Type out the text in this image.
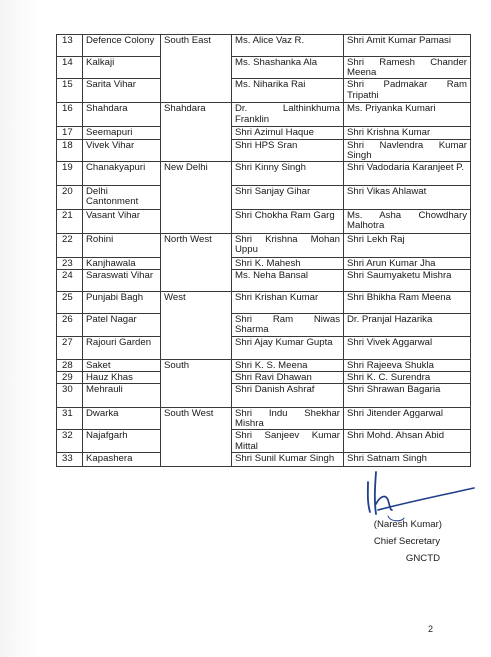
13	Defence Colony	South East	Ms. Alice Vaz R.	Shri Amit Kumar Pamasi
14	Kalkaji		Ms. Shashanka Ala	Shri Ramesh Chander Meena
15	Sarita Vihar		Ms. Niharika Rai	Shri Padmakar Ram Tripathi
16	Shahdara	Shahdara	Dr. Lalthinkhuma Franklin	Ms. Priyanka Kumari
17	Seemapuri		Shri Azimul Haque	Shri Krishna Kumar
18	Vivek Vihar		Shri HPS Sran	Shri Navlendra Kumar Singh
19	Chanakyapuri	New Delhi	Shri Kinny Singh	Shri Vadodaria Karanjeet P.
20	Delhi Cantonment		Shri Sanjay Gihar	Shri Vikas Ahlawat
21	Vasant Vihar		Shri Chokha Ram Garg	Ms. Asha Chowdhary Malhotra
22	Rohini	North West	Shri Krishna Mohan Uppu	Shri Lekh Raj
23	Kanjhawala		Shri K. Mahesh	Shri Arun Kumar Jha
24	Saraswati Vihar		Ms. Neha Bansal	Shri Saumyaketu Mishra
25	Punjabi Bagh	West	Shri Krishan Kumar	Shri Bhikha Ram Meena
26	Patel Nagar		Shri Ram Niwas Sharma	Dr. Pranjal Hazarika
27	Rajouri Garden		Shri Ajay Kumar Gupta	Shri Vivek Aggarwal
28	Saket	South	Shri K. S. Meena	Shri Rajeeva Shukla
29	Hauz Khas		Shri Ravi Dhawan	Shri K. C. Surendra
30	Mehrauli		Shri Danish Ashraf	Shri Shrawan Bagaria
31	Dwarka	South West	Shri Indu Shekhar Mishra	Shri Jitender Aggarwal
32	Najafgarh		Shri Sanjeev Kumar Mittal	Shri Mohd. Ahsan Abid
33	Kapashera		Shri Sunil Kumar Singh	Shri Satnam Singh
(Naresh Kumar)
Chief Secretary
GNCTD
2
